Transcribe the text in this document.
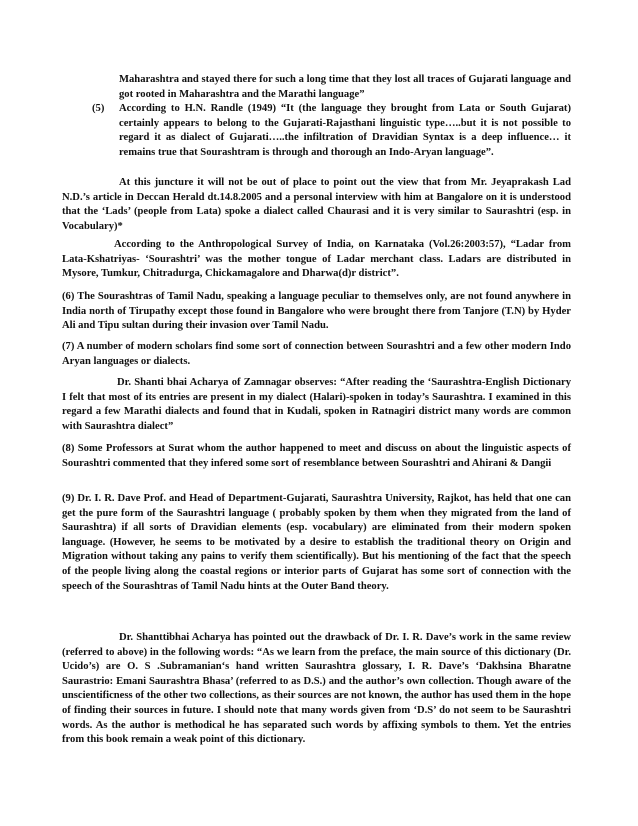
Maharashtra and stayed there for such a long time that they lost all traces of Gujarati language and got rooted in Maharashtra and the Marathi language”

(5) According to H.N. Randle (1949) “It (the language they brought from Lata or South Gujarat) certainly appears to belong to the Gujarati-Rajasthani linguistic type…..but it is not possible to regard it as dialect of Gujarati…..the infiltration of Dravidian Syntax is a deep influence… it remains true that Sourashtram is through and thorough an Indo-Aryan language”.

At this juncture it will not be out of place to point out the view that from Mr. Jeyaprakash Lad N.D.’s article in Deccan Herald dt.14.8.2005 and a personal interview with him at Bangalore on it is understood that the ‘Lads’ (people from Lata) spoke a dialect called Chaurasi and it is very similar to Saurashtri (esp. in Vocabulary)*

According to the Anthropological Survey of India, on Karnataka (Vol.26:2003:57), “Ladar from Lata-Kshatriyas- ‘Sourashtri’ was the mother tongue of Ladar merchant class. Ladars are distributed in Mysore, Tumkur, Chitradurga, Chickamagalore and Dharwa(d)r district”.

(6) The Sourashtras of Tamil Nadu, speaking a language peculiar to themselves only, are not found anywhere in India north of Tirupathy except those found in Bangalore who were brought there from Tanjore (T.N) by Hyder Ali and Tipu sultan during their invasion over Tamil Nadu.

(7) A number of modern scholars find some sort of connection between Sourashtri and a few other modern Indo Aryan languages or dialects.

Dr. Shanti bhai Acharya of Zamnagar observes: “After reading the ‘Saurashtra-English Dictionary I felt that most of its entries are present in my dialect (Halari)-spoken in today’s Saurashtra. I examined in this regard a few Marathi dialects and found that in Kudali, spoken in Ratnagiri district many words are common with Saurashtra dialect”

(8) Some Professors at Surat whom the author happened to meet and discuss on about the linguistic aspects of Sourashtri commented that they infered some sort of resemblance between Sourashtri and Ahirani & Dangii

(9) Dr. I. R. Dave Prof. and Head of Department-Gujarati, Saurashtra University, Rajkot, has held that one can get the pure form of the Saurashtri language ( probably spoken by them when they migrated from the land of Saurashtra) if all sorts of Dravidian elements (esp. vocabulary) are eliminated from their modern spoken language. (However, he seems to be motivated by a desire to establish the traditional theory on Origin and Migration without taking any pains to verify them scientifically). But his mentioning of the fact that the speech of the people living along the coastal regions or interior parts of Gujarat has some sort of connection with the speech of the Sourashtras of Tamil Nadu hints at the Outer Band theory.

Dr. Shanttibhai Acharya has pointed out the drawback of Dr. I. R. Dave’s work in the same review (referred to above) in the following words: “As we learn from the preface, the main source of this dictionary (Dr. Ucido’s) are O. S .Subramanian‘s hand written Saurashtra glossary, I. R. Dave’s ‘Dakhsina Bharatne Saurastrio: Emani Saurashtra Bhasa’ (referred to as D.S.) and the author’s own collection. Though aware of the unscientificness of the other two collections, as their sources are not known, the author has used them in the hope of finding their sources in future. I should note that many words given from ‘D.S’ do not seem to be Saurashtri words. As the author is methodical he has separated such words by affixing symbols to them. Yet the entries from this book remain a weak point of this dictionary.
